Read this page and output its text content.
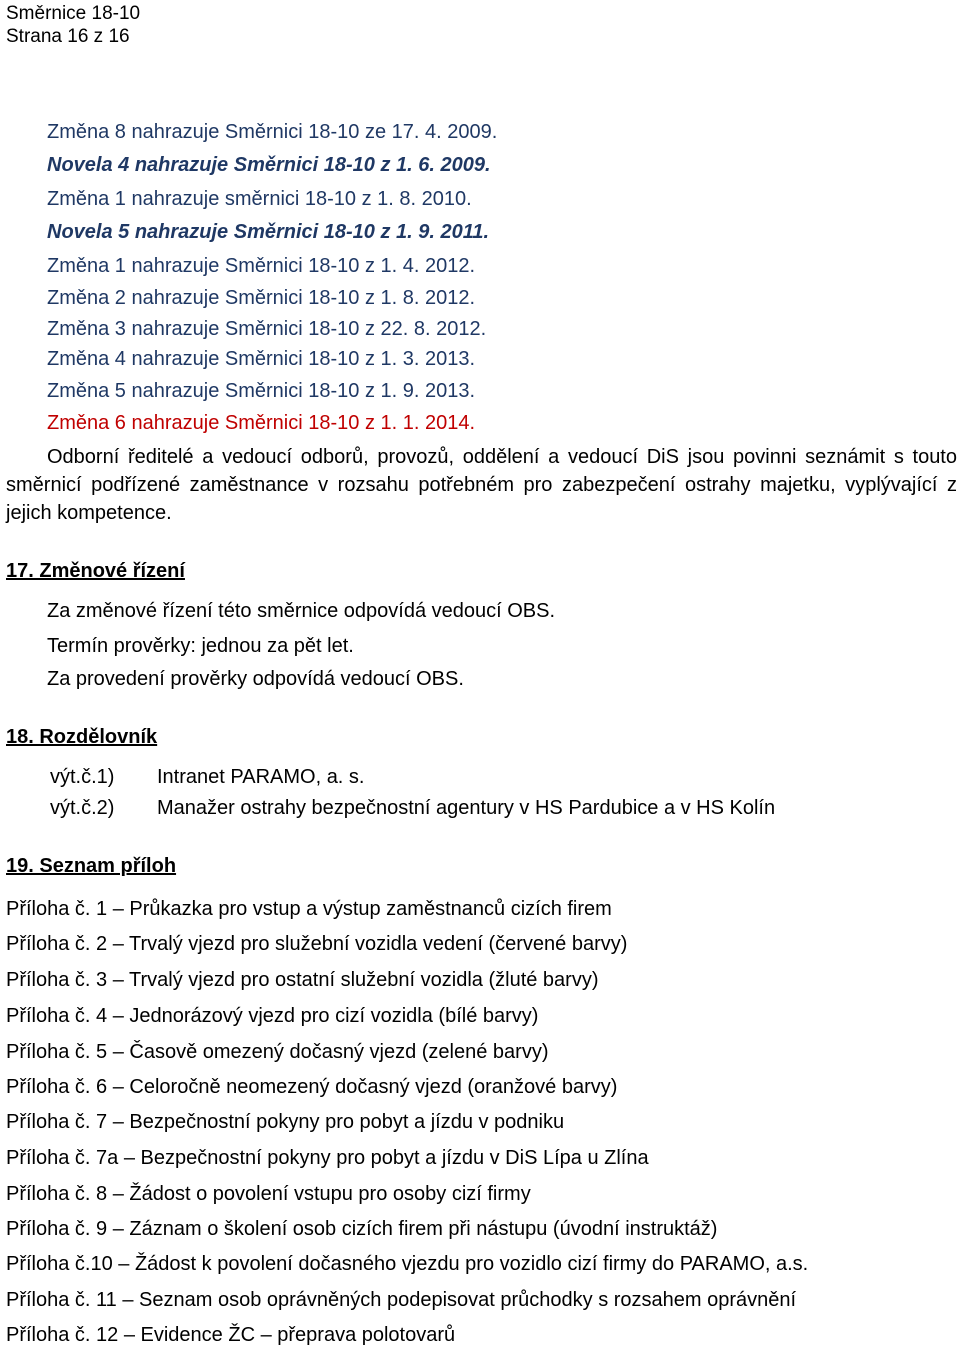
Směrnice 18-10
Strana 16 z 16
Změna 8 nahrazuje Směrnici 18-10 ze 17. 4. 2009.
Novela 4 nahrazuje Směrnici 18-10 z 1. 6. 2009.
Změna 1 nahrazuje směrnici 18-10 z 1. 8. 2010.
Novela 5 nahrazuje Směrnici 18-10 z 1. 9. 2011.
Změna 1 nahrazuje Směrnici 18-10 z 1. 4. 2012.
Změna 2 nahrazuje Směrnici 18-10 z 1. 8. 2012.
Změna 3 nahrazuje Směrnici 18-10 z 22. 8. 2012.
Změna 4 nahrazuje Směrnici 18-10 z 1. 3. 2013.
Změna 5 nahrazuje Směrnici 18-10 z 1. 9. 2013.
Změna 6 nahrazuje Směrnici 18-10 z 1. 1. 2014.
Odborní ředitelé a vedoucí odborů, provozů, oddělení a vedoucí DiS jsou povinni seznámit s touto směrnicí podřízené zaměstnance v rozsahu potřebném pro zabezpečení ostrahy majetku, vyplývající z jejich kompetence.
17. Změnové řízení
Za změnové řízení této směrnice odpovídá vedoucí OBS.
Termín prověrky: jednou za pět let.
Za provedení prověrky odpovídá vedoucí OBS.
18. Rozdělovník
výt.č.1) Intranet PARAMO, a. s.
výt.č.2) Manažer ostrahy bezpečnostní agentury v HS Pardubice a v HS Kolín
19. Seznam příloh
Příloha č. 1 – Průkazka pro vstup a výstup zaměstnanců cizích firem
Příloha č. 2 – Trvalý vjezd pro služební vozidla vedení (červené barvy)
Příloha č. 3 – Trvalý vjezd pro ostatní služební vozidla (žluté barvy)
Příloha č. 4 – Jednorázový vjezd pro cizí vozidla (bílé barvy)
Příloha č. 5 – Časově omezený dočasný vjezd (zelené barvy)
Příloha č. 6 – Celoročně neomezený dočasný vjezd (oranžové barvy)
Příloha č. 7 – Bezpečnostní pokyny pro pobyt a jízdu v podniku
Příloha č. 7a – Bezpečnostní pokyny pro pobyt a jízdu v DiS Lípa u Zlína
Příloha č. 8 – Žádost o povolení vstupu pro osoby cizí firmy
Příloha č. 9 – Záznam o školení osob cizích firem při nástupu (úvodní instruktáž)
Příloha č.10 – Žádost k povolení dočasného vjezdu pro vozidlo cizí firmy do PARAMO, a.s.
Příloha č. 11 – Seznam osob oprávněných podepisovat průchodky s rozsahem oprávnění
Příloha č. 12 – Evidence ŽC – přeprava polotovarů
